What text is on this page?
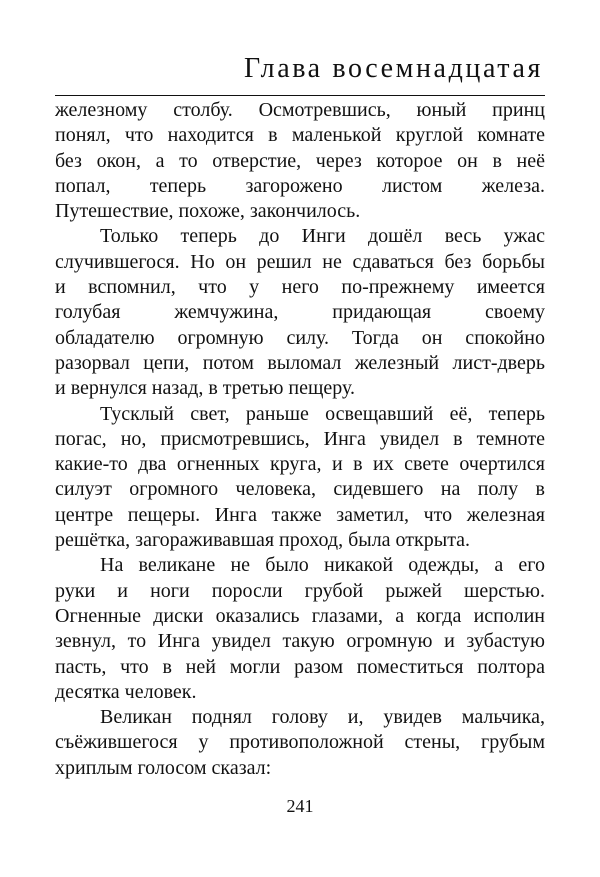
Глава восемнадцатая
железному столбу. Осмотревшись, юный принц
понял, что находится в маленькой круглой комнате
без окон, а то отверстие, через которое он в неё
попал, теперь загорожено листом железа.
Путешествие, похоже, закончилось.
Только теперь до Инги дошёл весь ужас
случившегося. Но он решил не сдаваться без борьбы
и вспомнил, что у него по-прежнему имеется
голубая жемчужина, придающая своему
обладателю огромную силу. Тогда он спокойно
разорвал цепи, потом выломал железный лист-дверь
и вернулся назад, в третью пещеру.
Тусклый свет, раньше освещавший её, теперь
погас, но, присмотревшись, Инга увидел в темноте
какие-то два огненных круга, и в их свете очертился
силуэт огромного человека, сидевшего на полу в
центре пещеры. Инга также заметил, что железная
решётка, загораживавшая проход, была открыта.
На великане не было никакой одежды, а его
руки и ноги поросли грубой рыжей шерстью.
Огненные диски оказались глазами, а когда исполин
зевнул, то Инга увидел такую огромную и зубастую
пасть, что в ней могли разом поместиться полтора
десятка человек.
Великан поднял голову и, увидев мальчика,
съёжившегося у противоположной стены, грубым
хриплым голосом сказал:
241
